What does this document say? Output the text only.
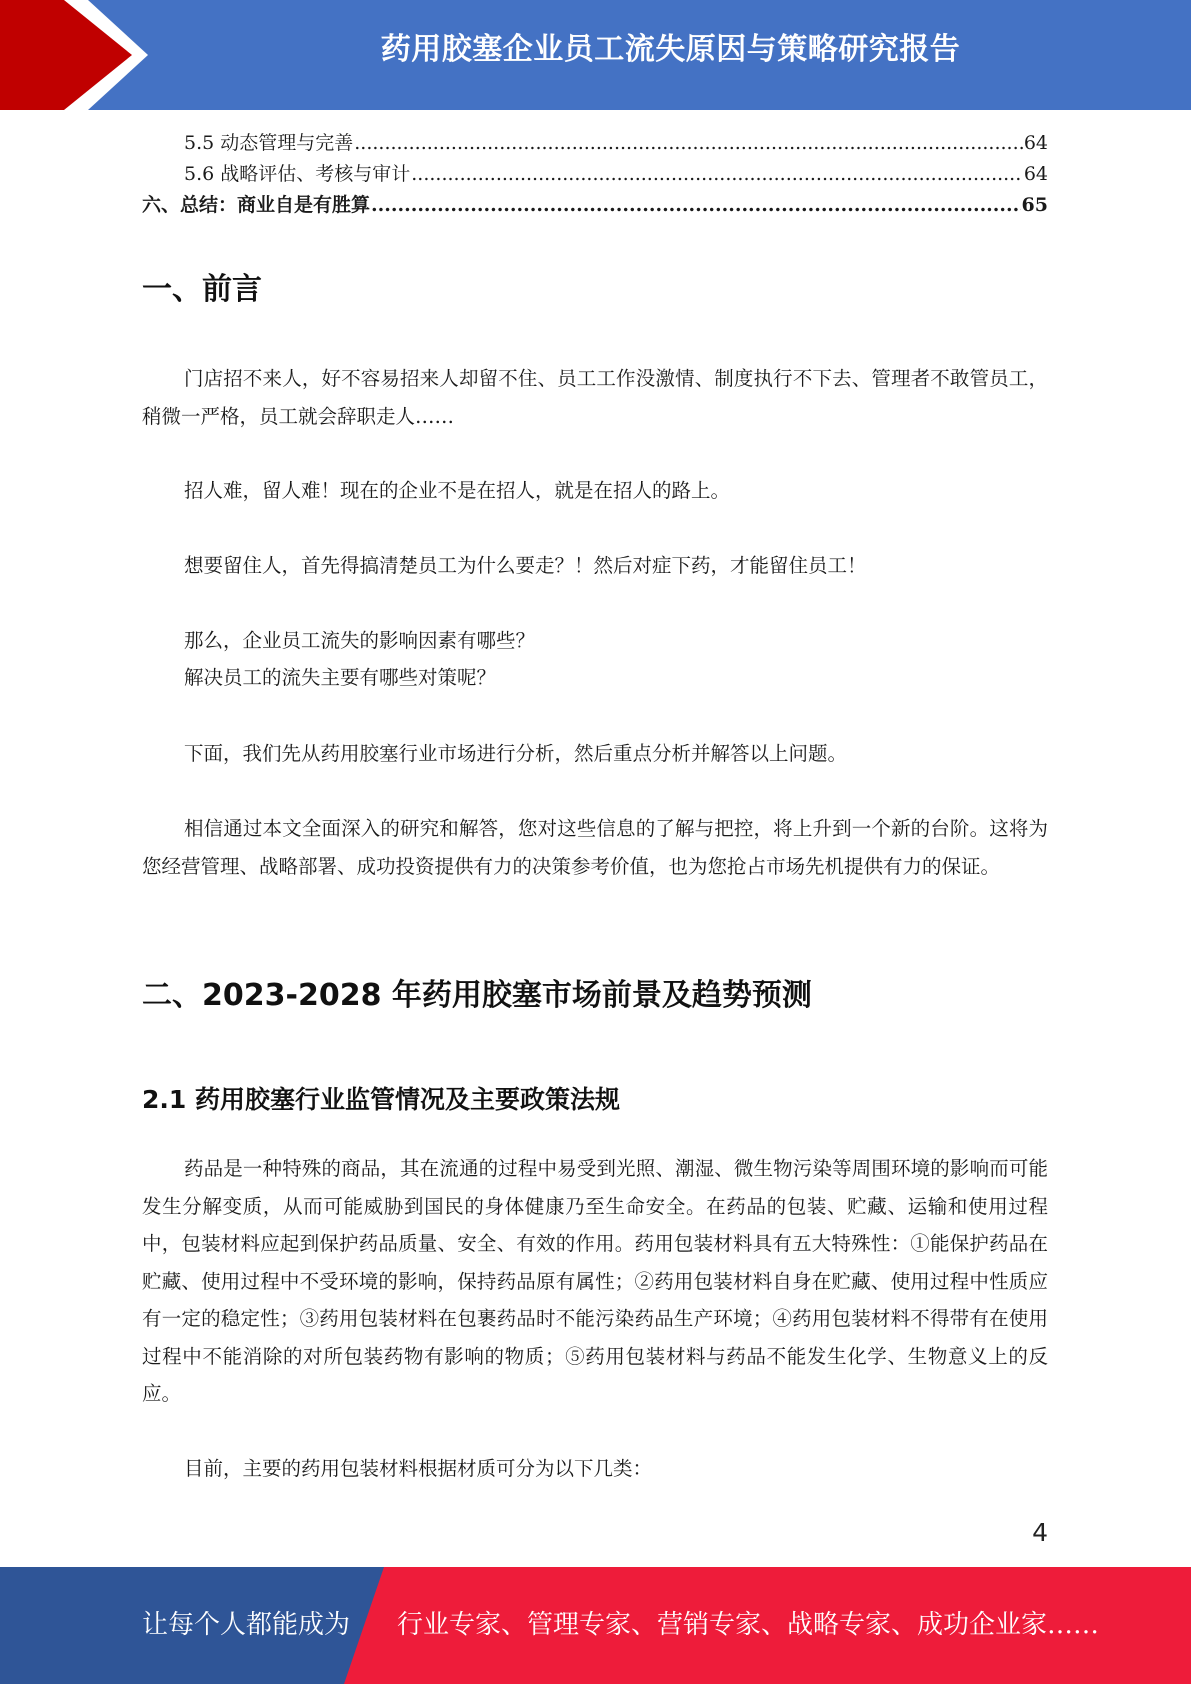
药用胶塞企业员工流失原因与策略研究报告
5.5 动态管理与完善 .....	64
5.6 战略评估、考核与审计 .....	64
六、总结：商业自是有胜算 .....	65
一、前言

门店招不来人，好不容易招来人却留不住、员工工作没激情、制度执行不下去、管理者不敢管员工，稍微一严格，员工就会辞职走人……

招人难，留人难！现在的企业不是在招人，就是在招人的路上。

想要留住人，首先得搞清楚员工为什么要走？！然后对症下药，才能留住员工！

那么，企业员工流失的影响因素有哪些？

解决员工的流失主要有哪些对策呢？

下面，我们先从药用胶塞行业市场进行分析，然后重点分析并解答以上问题。

相信通过本文全面深入的研究和解答，您对这些信息的了解与把控，将上升到一个新的台阶。这将为您经营管理、战略部署、成功投资提供有力的决策参考价值，也为您抢占市场先机提供有力的保证。

二、2023-2028 年药用胶塞市场前景及趋势预测
2.1 药用胶塞行业监管情况及主要政策法规

药品是一种特殊的商品，其在流通的过程中易受到光照、潮湿、微生物污染等周围环境的影响而可能发生分解变质，从而可能威胁到国民的身体健康乃至生命安全。在药品的包装、贮藏、运输和使用过程中，包装材料应起到保护药品质量、安全、有效的作用。药用包装材料具有五大特殊性：①能保护药品在贮藏、使用过程中不受环境的影响，保持药品原有属性；②药用包装材料自身在贮藏、使用过程中性质应有一定的稳定性；③药用包装材料在包裹药品时不能污染药品生产环境；④药用包装材料不得带有在使用过程中不能消除的对所包装药物有影响的物质；⑤药用包装材料与药品不能发生化学、生物意义上的反应。

目前，主要的药用包装材料根据材质可分为以下几类：

4
让每个人都能成为 行业专家、管理专家、营销专家、战略专家、成功企业家……
